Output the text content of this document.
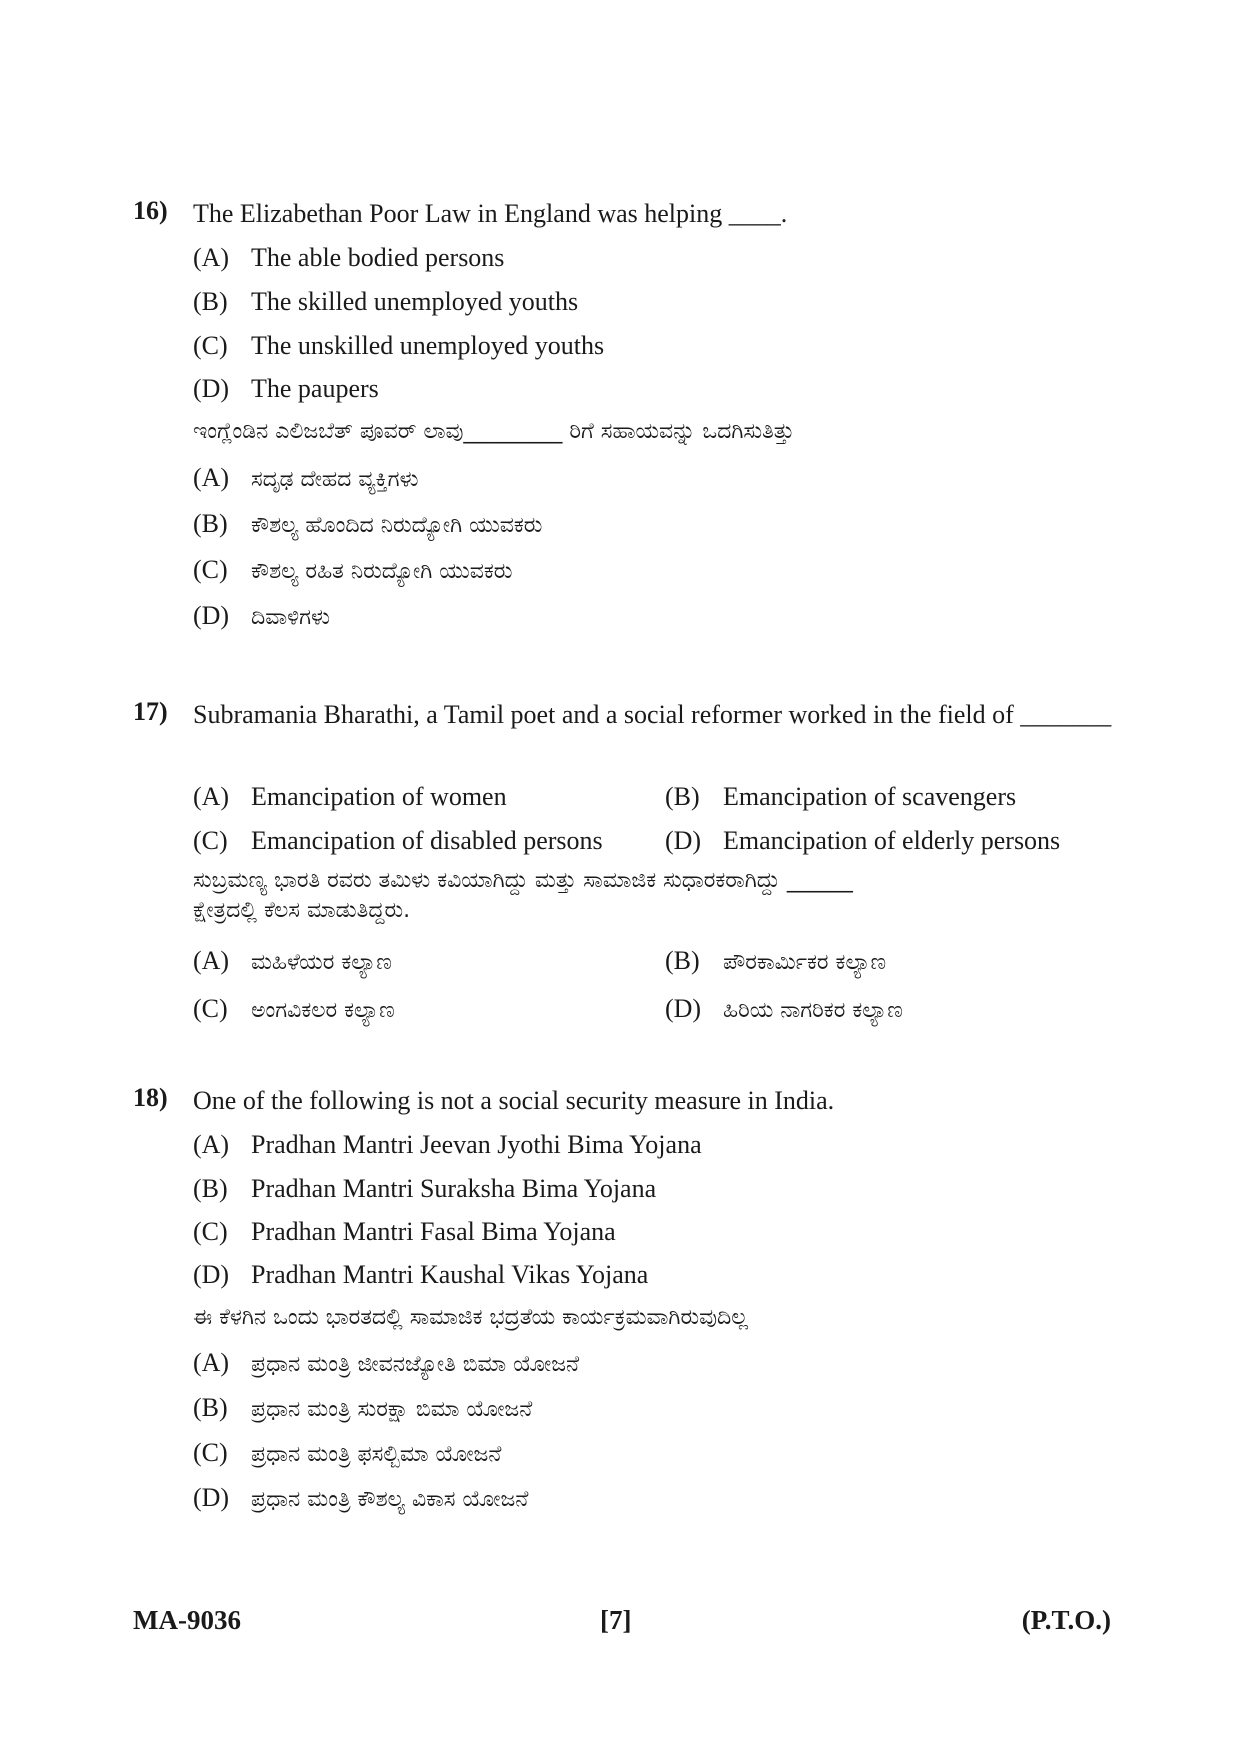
16) The Elizabethan Poor Law in England was helping ____.
(A) The able bodied persons
(B) The skilled unemployed youths
(C) The unskilled unemployed youths
(D) The paupers
ಇಂಗ್ಲೆಂಡಿನ ಎಲಿಜಬೆತ್ ಪೂವರ್ ಲಾವು_________ ರಿಗೆ ಸಹಾಯವನ್ನು ಒದಗಿಸುತಿತ್ತು
(A) ಸದೃಢ ದೇಹದ ವ್ಯಕ್ತಿಗಳು
(B) ಕೌಶಲ್ಯ ಹೊಂದಿದ ನಿರುದ್ಯೋಗಿ ಯುವಕರು
(C) ಕೌಶಲ್ಯ ರಹಿತ ನಿರುದ್ಯೋಗಿ ಯುವಕರು
(D) ದಿವಾಳಿಗಳು
17) Subramania Bharathi, a Tamil poet and a social reformer worked in the field of _______
(A) Emancipation of women	(B) Emancipation of scavengers
(C) Emancipation of disabled persons (D) Emancipation of elderly persons
ಸುಬ್ರಮಣ್ಯ ಭಾರತಿ ರವರು ತಮಿಳು ಕವಿಯಾಗಿದ್ದು ಮತ್ತು ಸಾಮಾಜಿಕ ಸುಧಾರಕರಾಗಿದ್ದು ______
ಕ್ಷೇತ್ರದಲ್ಲಿ ಕೆಲಸ ಮಾಡುತಿದ್ದರು.
(A) ಮಹಿಳೆಯರ ಕಲ್ಯಾಣ	(B) ಪೌರಕಾರ್ಮಿಕರ ಕಲ್ಯಾಣ
(C) ಅಂಗವಿಕಲರ ಕಲ್ಯಾಣ	(D) ಹಿರಿಯ ನಾಗರಿಕರ ಕಲ್ಯಾಣ
18) One of the following is not a social security measure in India.
(A) Pradhan Mantri Jeevan Jyothi Bima Yojana
(B) Pradhan Mantri Suraksha Bima Yojana
(C) Pradhan Mantri Fasal Bima Yojana
(D) Pradhan Mantri Kaushal Vikas Yojana
ಈ ಕೆಳಗಿನ ಒಂದು ಭಾರತದಲ್ಲಿ ಸಾಮಾಜಿಕ ಭದ್ರತೆಯ ಕಾರ್ಯಕ್ರಮವಾಗಿರುವುದಿಲ್ಲ
(A) ಪ್ರಧಾನ ಮಂತ್ರಿ ಜೀವನಜ್ಯೋತಿ ಬಿಮಾ ಯೋಜನೆ
(B) ಪ್ರಧಾನ ಮಂತ್ರಿ ಸುರಕ್ಷಾ ಬಿಮಾ ಯೋಜನೆ
(C) ಪ್ರಧಾನ ಮಂತ್ರಿ ಫಸಲ್ಬಿಮಾ ಯೋಜನೆ
(D) ಪ್ರಧಾನ ಮಂತ್ರಿ ಕೌಶಲ್ಯ ವಿಕಾಸ ಯೋಜನೆ
MA-9036	[7]	(P.T.O.)
